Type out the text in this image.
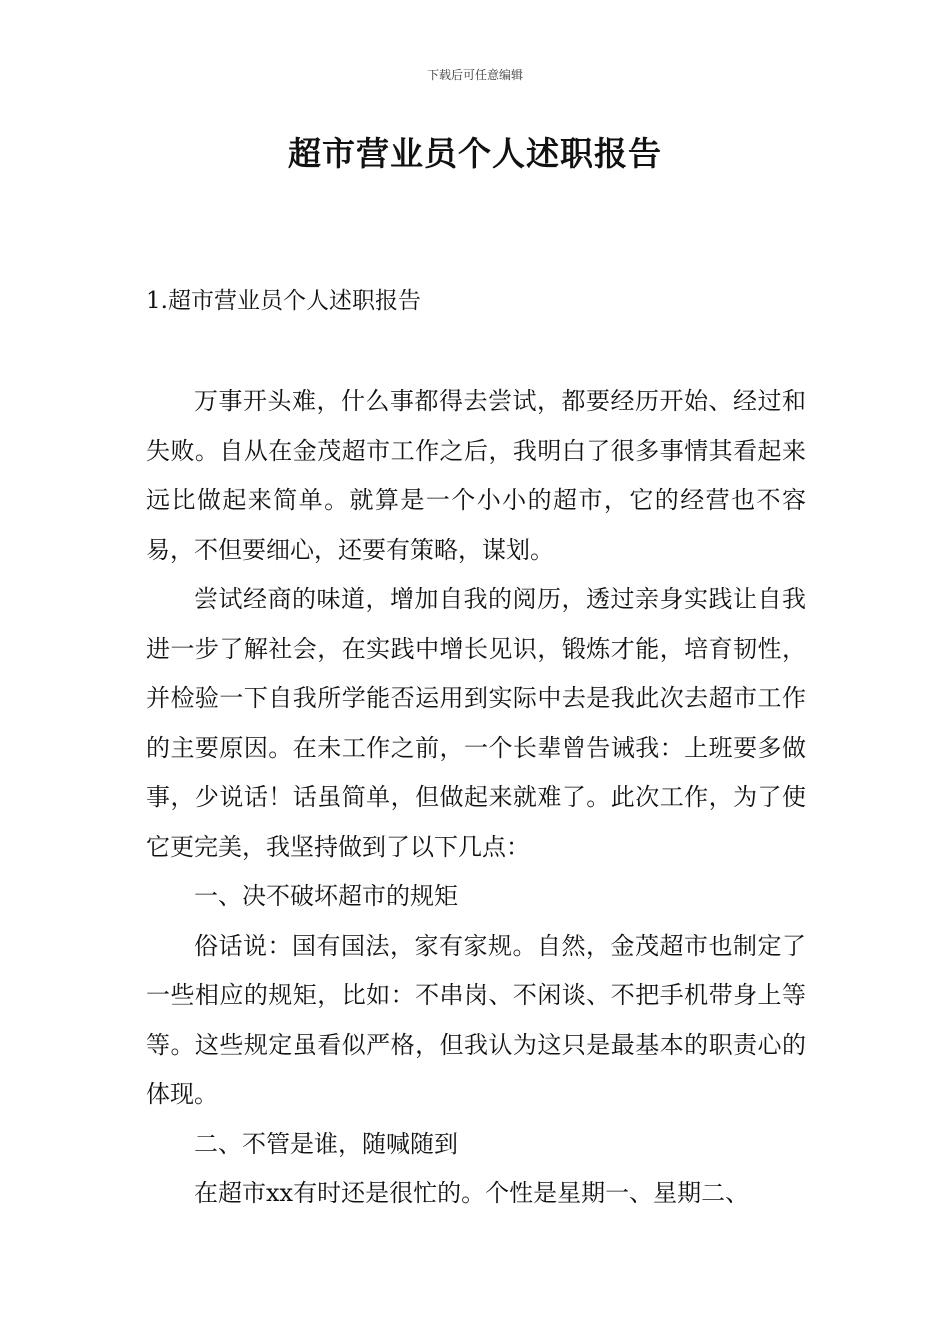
下载后可任意编辑
超市营业员个人述职报告
1.超市营业员个人述职报告

万事开头难，什么事都得去尝试，都要经历开始、经过和失败。自从在金茂超市工作之后，我明白了很多事情其看起来远比做起来简单。就算是一个小小的超市，它的经营也不容易，不但要细心，还要有策略，谋划。

尝试经商的味道，增加自我的阅历，透过亲身实践让自我进一步了解社会，在实践中增长见识，锻炼才能，培育韧性，并检验一下自我所学能否运用到实际中去是我此次去超市工作的主要原因。在未工作之前，一个长辈曾告诫我：上班要多做事，少说话！话虽简单，但做起来就难了。此次工作，为了使它更完美，我坚持做到了以下几点：

一、决不破坏超市的规矩

俗话说：国有国法，家有家规。自然，金茂超市也制定了一些相应的规矩，比如：不串岗、不闲谈、不把手机带身上等等。这些规定虽看似严格，但我认为这只是最基本的职责心的体现。

二、不管是谁，随喊随到

在超市xx有时还是很忙的。个性是星期一、星期二、
